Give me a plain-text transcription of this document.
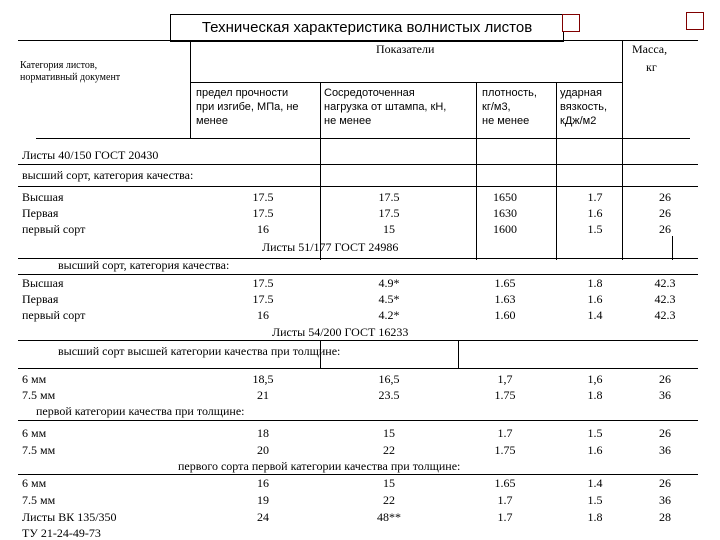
Техническая характеристика волнистых листов
Категория листов,
нормативный документ
Показатели	Масса,
кг
предел прочности
при изгибе, МПа, не
менее
Сосредоточенная
нагрузка от штампа, кН,
не менее
плотность,
кг/м3,
не менее
ударная
вязкость,
кДж/м2
Листы 40/150 ГОСТ 20430
высший сорт, категория качества:
Высшая	17.5	17.5	1650	1.7	26
Первая	17.5	17.5	1630	1.6	26
первый сорт	16	15	1600	1.5	26
Листы 51/177 ГОСТ 24986
высший сорт, категория качества:
Высшая	17.5	4.9*	1.65	1.8	42.3
Первая	17.5	4.5*	1.63	1.6	42.3
первый сорт	16	4.2*	1.60	1.4	42.3
Листы 54/200 ГОСТ 16233
высший сорт высшей категории качества при толщине:
6 мм	18,5	16,5	1,7	1,6	26
7.5 мм	21	23.5	1.75	1.8	36
первой категории качества при толщине:
6 мм	18	15	1.7	1.5	26
7.5 мм	20	22	1.75	1.6	36
первого сорта первой категории качества при толщине:
6 мм	16	15	1.65	1.4	26
7.5 мм	19	22	1.7	1.5	36
Листы ВК 135/350	24	48**	1.7	1.8	28
ТУ 21-24-49-73
